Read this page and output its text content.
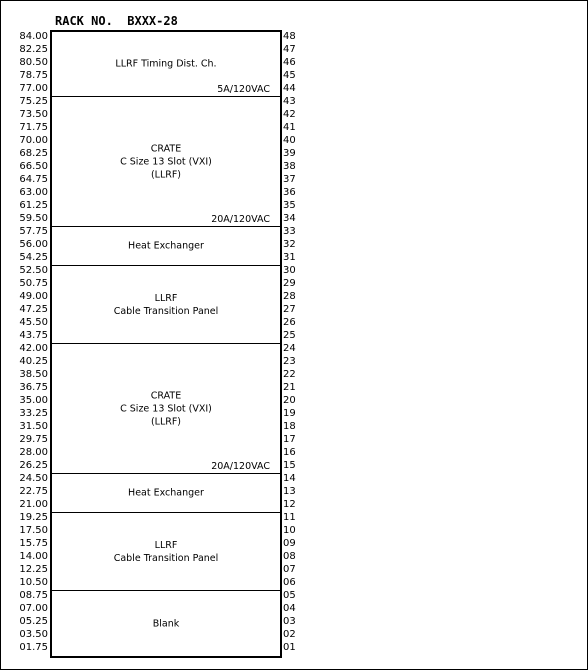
RACK NO.  BXXX-28
84.00
82.25
80.50
78.75
77.00
75.25
73.50
71.75
70.00
68.25
66.50
64.75
63.00
61.25
59.50
57.75
56.00
54.25
52.50
50.75
49.00
47.25
45.50
43.75
42.00
40.25
38.50
36.75
35.00
33.25
31.50
29.75
28.00
26.25
24.50
22.75
21.00
19.25
17.50
15.75
14.00
12.25
10.50
08.75
07.00
05.25
03.50
01.75
LLRF Timing Dist. Ch.
5A/120VAC
CRATE
C Size 13 Slot (VXI)
(LLRF)
20A/120VAC
Heat Exchanger
LLRF
Cable Transition Panel
CRATE
C Size 13 Slot (VXI)
(LLRF)
20A/120VAC
Heat Exchanger
LLRF
Cable Transition Panel
Blank
48
47
46
45
44
43
42
41
40
39
38
37
36
35
34
33
32
31
30
29
28
27
26
25
24
23
22
21
20
19
18
17
16
15
14
13
12
11
10
09
08
07
06
05
04
03
02
01
